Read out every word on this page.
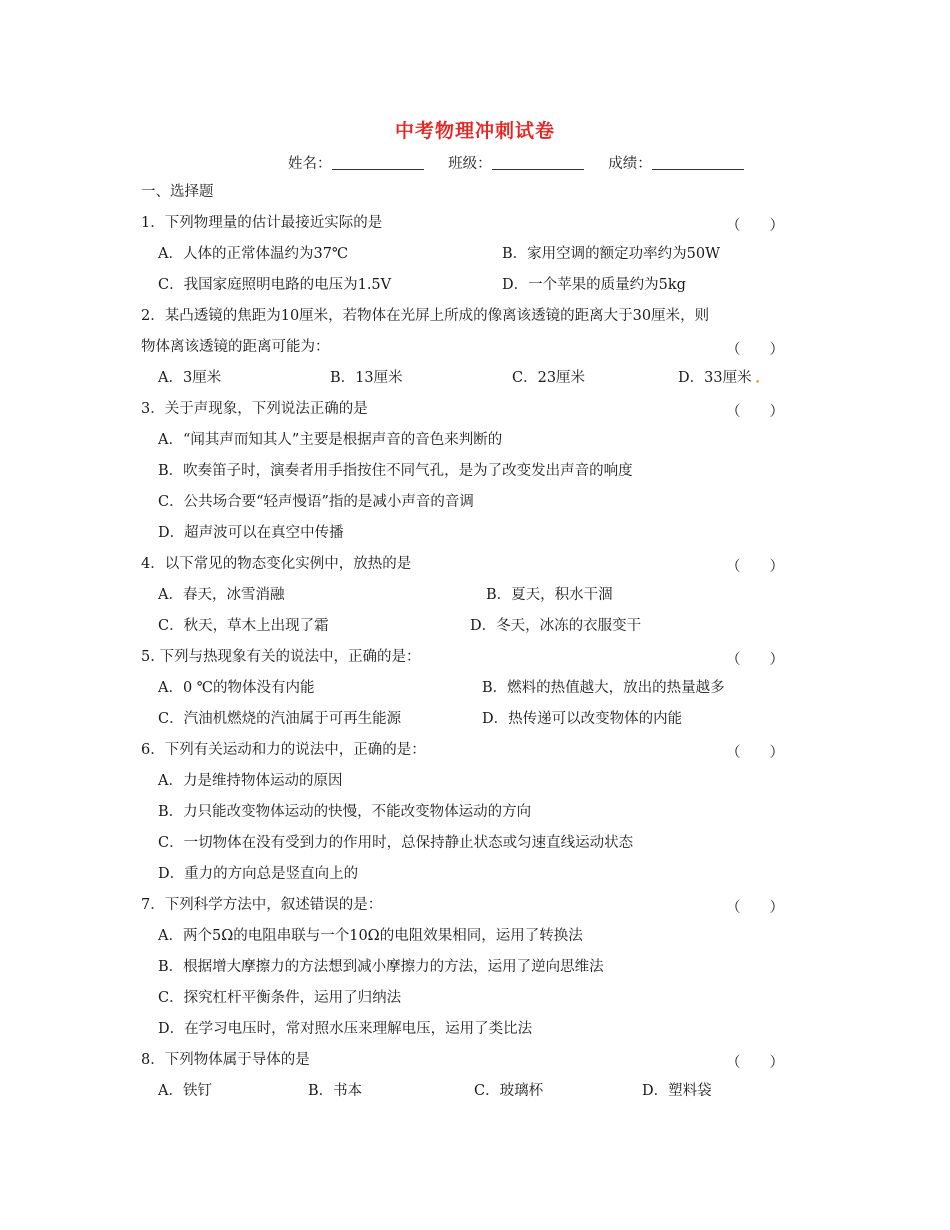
中考物理冲刺试卷
姓名：	班级：	成绩：
一、选择题
1．下列物理量的估计最接近实际的是	（　　）
A．人体的正常体温约为37℃	B．家用空调的额定功率约为50W
C．我国家庭照明电路的电压为1.5V	D．一个苹果的质量约为5kg
2．某凸透镜的焦距为10厘米，若物体在光屏上所成的像离该透镜的距离大于30厘米，则
物体离该透镜的距离可能为：	（　　）
A．3厘米	B．13厘米	C．23厘米	D．33厘米 •
3．关于声现象，下列说法正确的是	（　　）
A．“闻其声而知其人”主要是根据声音的音色来判断的
B．吹奏笛子时，演奏者用手指按住不同气孔，是为了改变发出声音的响度
C．公共场合要“轻声慢语”指的是减小声音的音调
D．超声波可以在真空中传播
4．以下常见的物态变化实例中，放热的是	（　　）
A．春天，冰雪消融	B．夏天，积水干涸
C．秋天，草木上出现了霜	D．冬天，冰冻的衣服变干
5. 下列与热现象有关的说法中，正确的是：	（　　）
A．0 ℃的物体没有内能	B．燃料的热值越大，放出的热量越多
C．汽油机燃烧的汽油属于可再生能源	D．热传递可以改变物体的内能
6．下列有关运动和力的说法中，正确的是：	（　　）
A．力是维持物体运动的原因
B．力只能改变物体运动的快慢，不能改变物体运动的方向
C．一切物体在没有受到力的作用时，总保持静止状态或匀速直线运动状态
D．重力的方向总是竖直向上的
7．下列科学方法中，叙述错误的是：	（　　）
A．两个5Ω的电阻串联与一个10Ω的电阻效果相同，运用了转换法
B．根据增大摩擦力的方法想到减小摩擦力的方法，运用了逆向思维法
C．探究杠杆平衡条件，运用了归纳法
D．在学习电压时，常对照水压来理解电压，运用了类比法
8．下列物体属于导体的是	（　　）
A．铁钉	B．书本	C．玻璃杯	D．塑料袋
